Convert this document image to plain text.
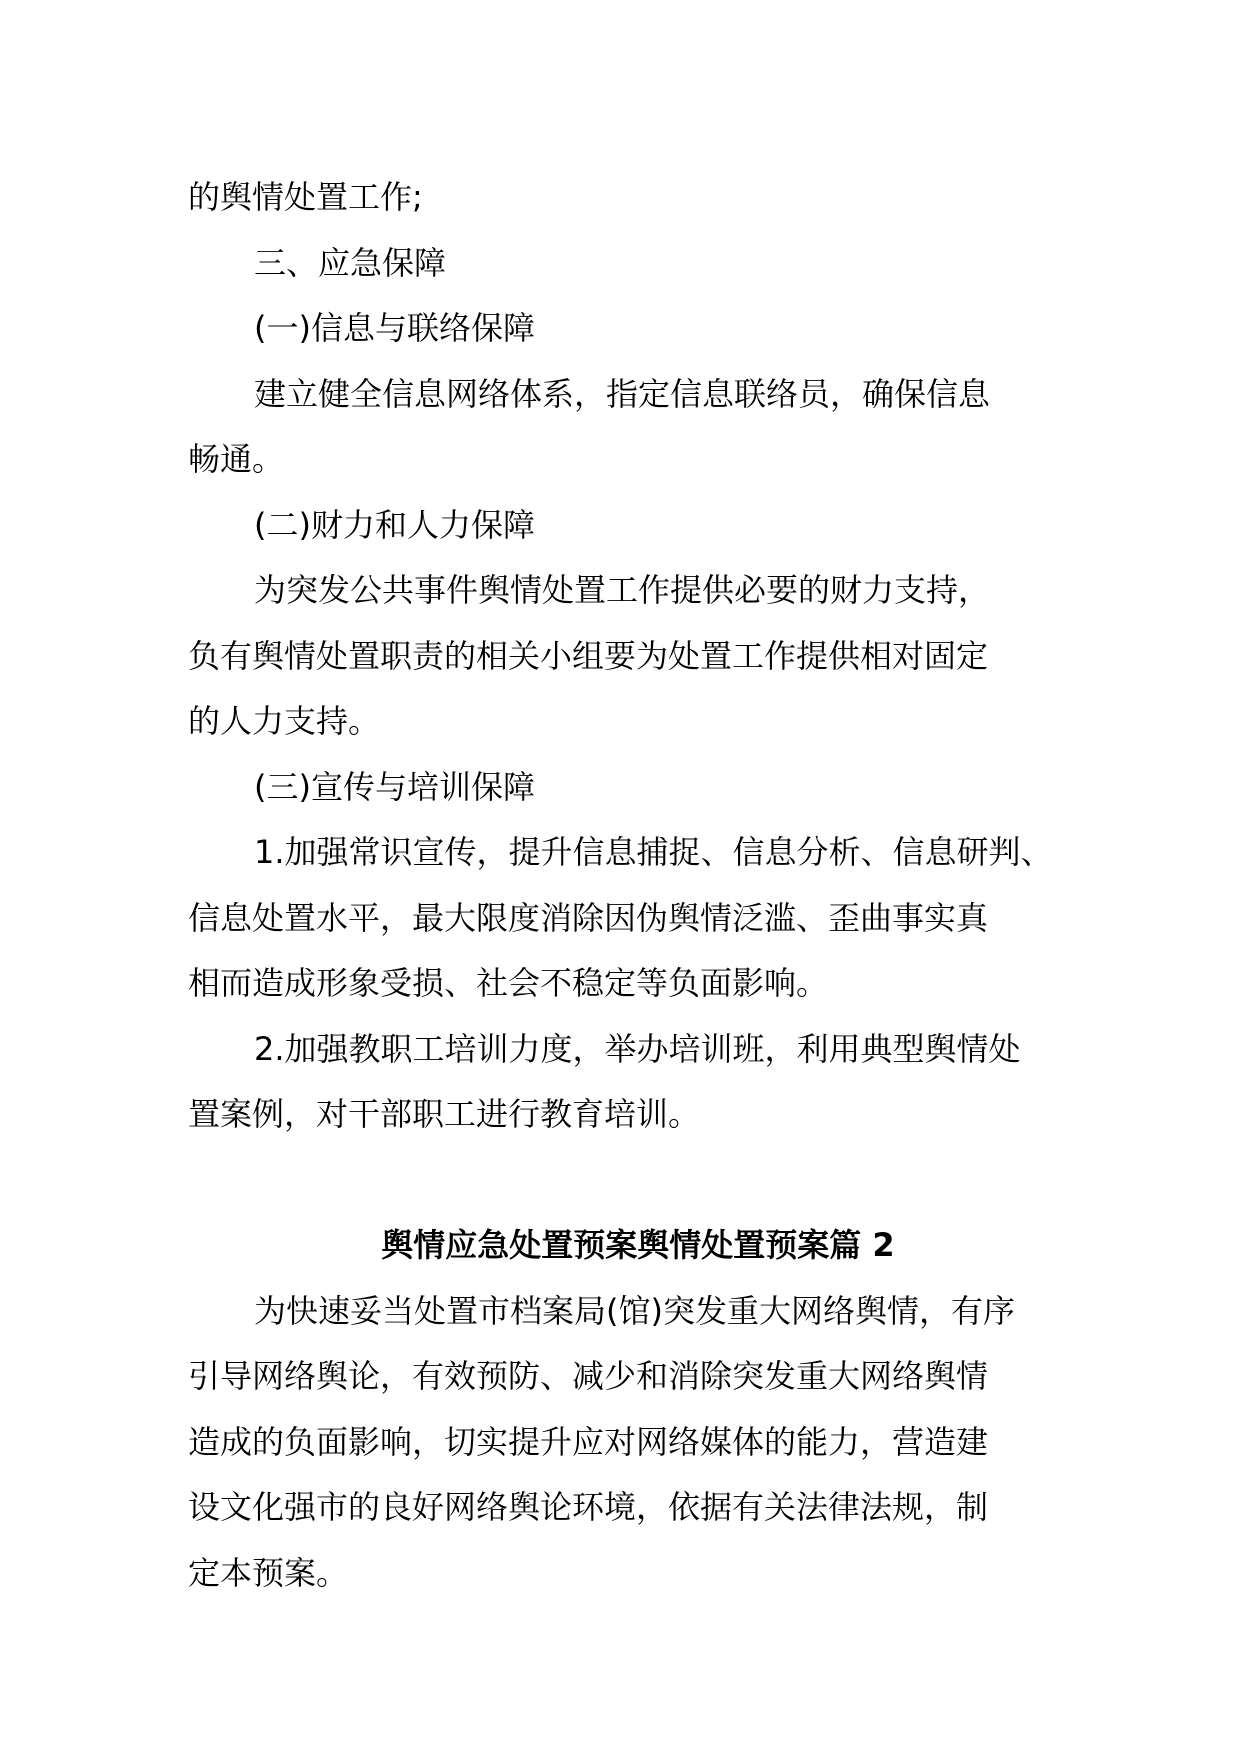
的舆情处置工作;

三、应急保障

(一)信息与联络保障

建立健全信息网络体系，指定信息联络员，确保信息

畅通。

(二)财力和人力保障

为突发公共事件舆情处置工作提供必要的财力支持，

负有舆情处置职责的相关小组要为处置工作提供相对固定

的人力支持。

(三)宣传与培训保障

1.加强常识宣传，提升信息捕捉、信息分析、信息研判、

信息处置水平，最大限度消除因伪舆情泛滥、歪曲事实真

相而造成形象受损、社会不稳定等负面影响。

2.加强教职工培训力度，举办培训班，利用典型舆情处

置案例，对干部职工进行教育培训。

舆情应急处置预案舆情处置预案篇 2

为快速妥当处置市档案局(馆)突发重大网络舆情，有序

引导网络舆论，有效预防、减少和消除突发重大网络舆情

造成的负面影响，切实提升应对网络媒体的能力，营造建

设文化强市的良好网络舆论环境，依据有关法律法规，制

定本预案。
